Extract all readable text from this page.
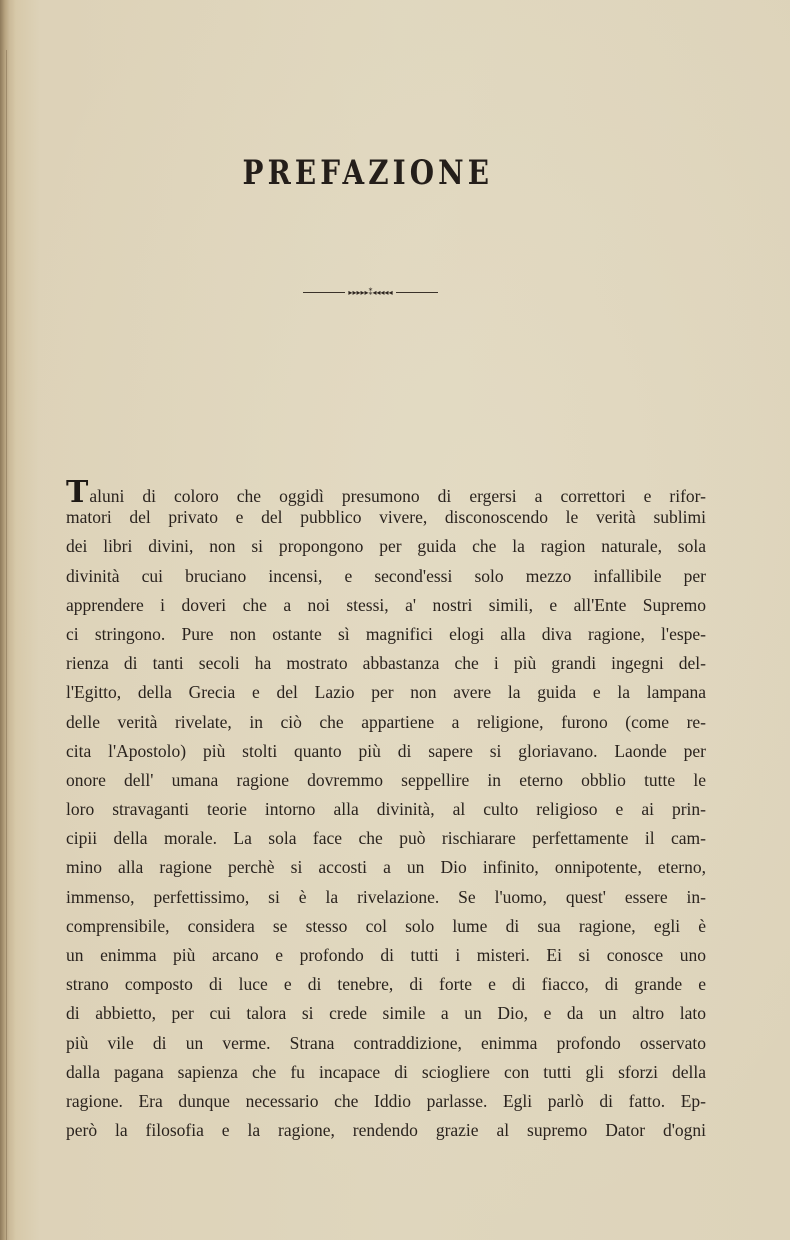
PREFAZIONE
▸▸▸▸▸⁑◂◂◂◂◂
T aluni di coloro che oggidì presumono di ergersi a correttori e rifor-
matori del privato e del pubblico vivere, disconoscendo le verità sublimi
dei libri divini, non si propongono per guida che la ragion naturale, sola
divinità cui bruciano incensi, e second'essi solo mezzo infallibile per
apprendere i doveri che a noi stessi, a' nostri simili, e all'Ente Supremo
ci stringono. Pure non ostante sì magnifici elogi alla diva ragione, l'espe-
rienza di tanti secoli ha mostrato abbastanza che i più grandi ingegni del-
l'Egitto, della Grecia e del Lazio per non avere la guida e la lampana
delle verità rivelate, in ciò che appartiene a religione, furono (come re-
cita l'Apostolo) più stolti quanto più di sapere si gloriavano. Laonde per
onore dell' umana ragione dovremmo seppellire in eterno obblio tutte le
loro stravaganti teorie intorno alla divinità, al culto religioso e ai prin-
cipii della morale. La sola face che può rischiarare perfettamente il cam-
mino alla ragione perchè si accosti a un Dio infinito, onnipotente, eterno,
immenso, perfettissimo, si è la rivelazione. Se l'uomo, quest' essere in-
comprensibile, considera se stesso col solo lume di sua ragione, egli è
un enimma più arcano e profondo di tutti i misteri. Ei si conosce uno
strano composto di luce e di tenebre, di forte e di fiacco, di grande e
di abbietto, per cui talora si crede simile a un Dio, e da un altro lato
più vile di un verme. Strana contraddizione, enimma profondo osservato
dalla pagana sapienza che fu incapace di sciogliere con tutti gli sforzi della
ragione. Era dunque necessario che Iddio parlasse. Egli parlò di fatto. Ep-
però la filosofia e la ragione, rendendo grazie al supremo Dator d'ogni
